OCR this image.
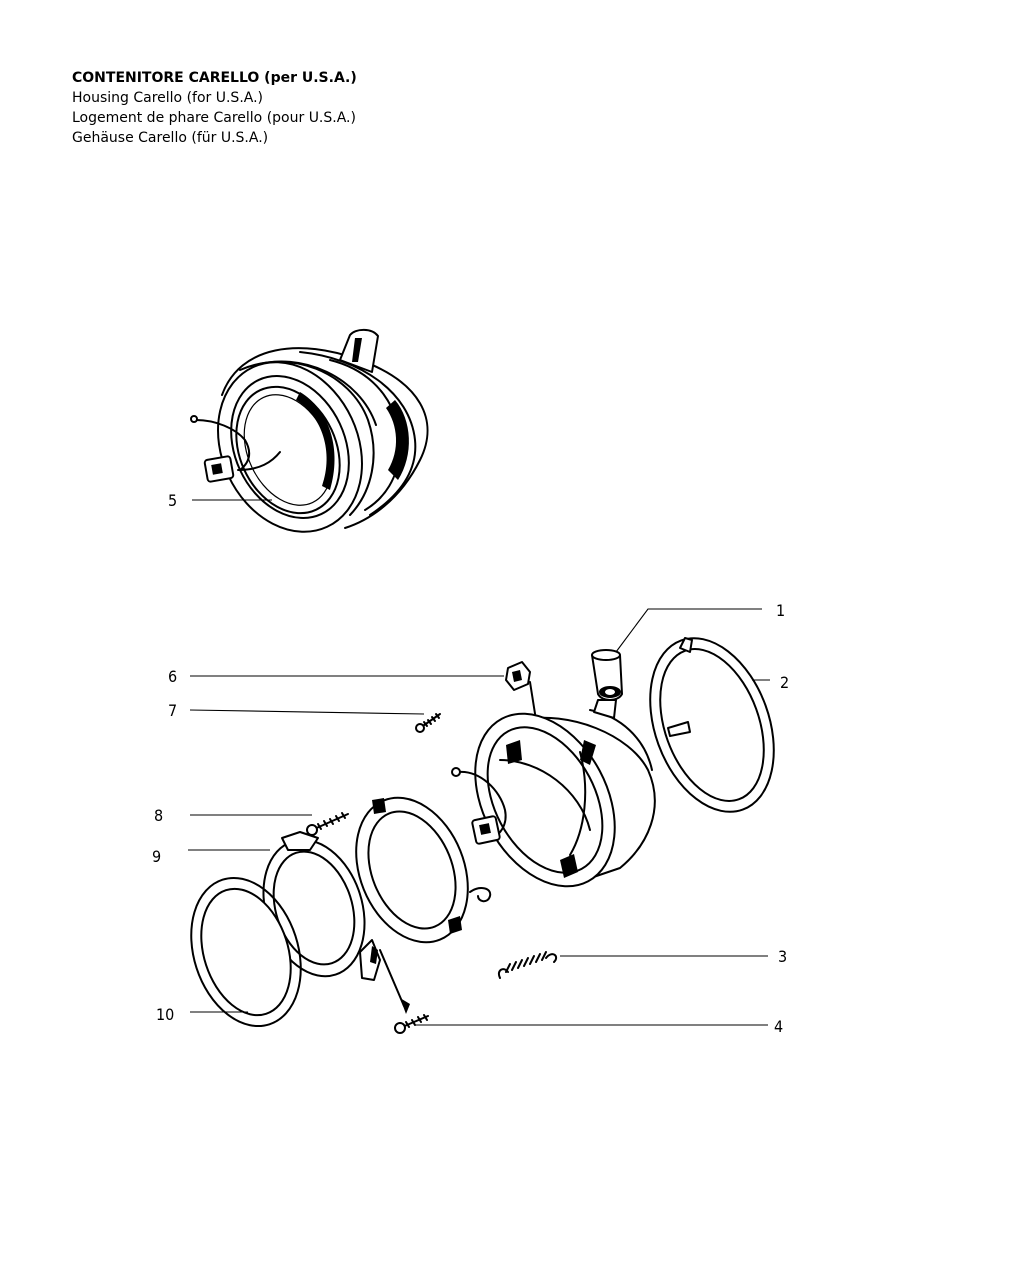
CONTENITORE CARELLO (per U.S.A.)
Housing Carello (for U.S.A.)
Logement de phare Carello (pour U.S.A.)
Gehäuse Carello (für U.S.A.)
1
2
3
4
5
6
7
8
9
10
